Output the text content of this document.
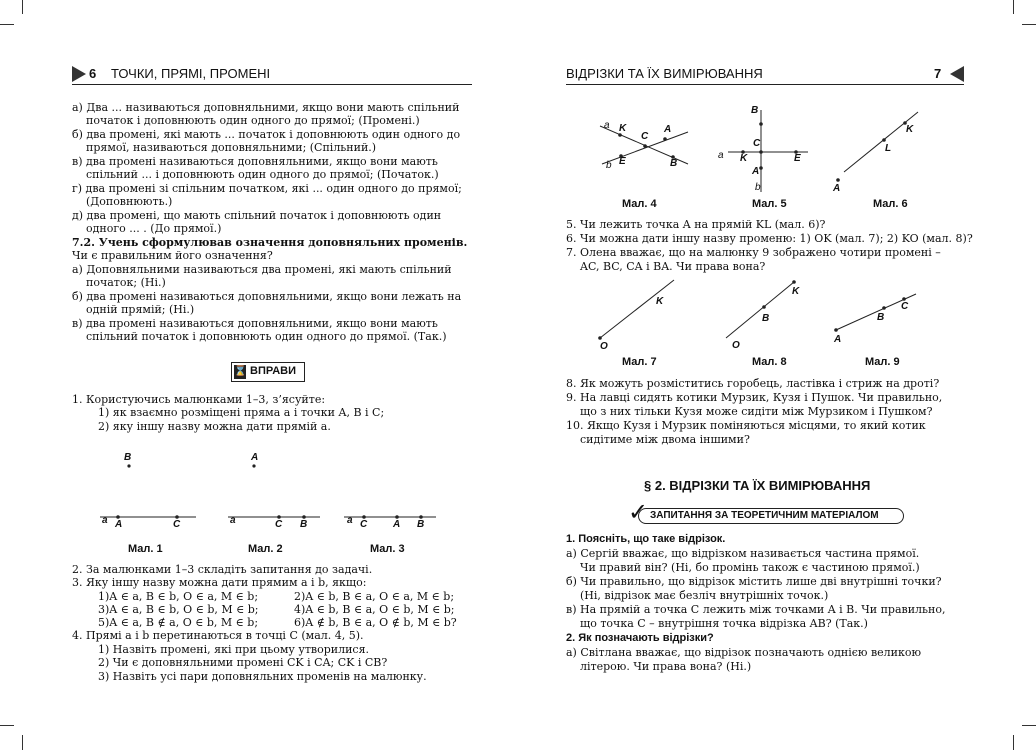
6 ТОЧКИ, ПРЯМІ, ПРОМЕНІ
а) Два ... називаються доповняльними, якщо вони мають спільний
початок і доповнюють один одного до прямої; (Промені.)
б) два промені, які мають ... початок і доповнюють один одного до
прямої, називаються доповняльними; (Спільний.)
в) два промені називаються доповняльними, якщо вони мають
спільний ... і доповнюють один одного до прямої; (Початок.)
г) два промені зі спільним початком, які ... один одного до прямої;
(Доповнюють.)
д) два промені, що мають спільний початок і доповнюють один
одного ... . (До прямої.)
7.2. Учень сформулював означення доповняльних променів.
Чи є правильним його означення?
а) Доповняльними називаються два промені, які мають спільний
початок; (Ні.)
б) два промені називаються доповняльними, якщо вони лежать на
одній прямій; (Ні.)
в) два промені називаються доповняльними, якщо вони мають
спільний початок і доповнюють один одного до прямої. (Так.)
⌛ ВПРАВИ
1. Користуючись малюнками 1–3, з’ясуйте:
1) як взаємно розміщені пряма a і точки A, B і C;
2) яку іншу назву можна дати прямій a.
B
a A	C
A
a	C B	a C	A B
Мал. 1	Мал. 2	Мал. 3
2. За малюнками 1–3 складіть запитання до задачі.
3. Яку іншу назву можна дати прямим a і b, якщо:
1)A ∈ a, B ∈ b, O ∈ a, M ∈ b;	2)A ∈ b, B ∈ a, O ∈ a, M ∈ b;
3)A ∈ a, B ∈ b, O ∈ b, M ∈ b;	4)A ∈ b, B ∈ a, O ∈ b, M ∈ b;
5)A ∈ a, B ∉ a, O ∈ b, M ∈ b;	6)A ∉ b, B ∈ a, O ∉ b, M ∈ b?
4. Прямі a і b перетинаються в точці C (мал. 4, 5).
1) Назвіть промені, які при цьому утворилися.
2) Чи є доповняльними промені CK і CA; CK і CB?
3) Назвіть усі пари доповняльних променів на малюнку.
ВІДРІЗКИ ТА ЇХ ВИМІРЮВАННЯ	7
a K
C
A
b E	B
B
C
a K	E
A
b
K
L
A
Мал. 4	Мал. 5	Мал. 6
5. Чи лежить точка A на прямій KL (мал. 6)?
6. Чи можна дати іншу назву променю: 1) OK (мал. 7); 2) KO (мал. 8)?
7. Олена вважає, що на малюнку 9 зображено чотири промені –
AC, BC, CA і BA. Чи права вона?
K
O
K
B
O
C
B
A
Мал. 7	Мал. 8	Мал. 9
8. Як можуть розміститись горобець, ластівка і стриж на дроті?
9. На лавці сидять котики Мурзик, Кузя і Пушок. Чи правильно,
що з них тільки Кузя може сидіти між Мурзиком і Пушком?
10. Якщо Кузя і Мурзик поміняються місцями, то який котик
сидітиме між двома іншими?
§ 2. ВІДРІЗКИ ТА ЇХ ВИМІРЮВАННЯ
✓ ЗАПИТАННЯ ЗА ТЕОРЕТИЧНИМ МАТЕРІАЛОМ
1. Поясніть, що таке відрізок.
а) Сергій вважає, що відрізком називається частина прямої.
Чи правий він? (Ні, бо промінь також є частиною прямої.)
б) Чи правильно, що відрізок містить лише дві внутрішні точки?
(Ні, відрізок має безліч внутрішніх точок.)
в) На прямій a точка C лежить між точками A і B. Чи правильно,
що точка C – внутрішня точка відрізка AB? (Так.)
2. Як позначають відрізки?
а) Світлана вважає, що відрізок позначають однією великою
літерою. Чи права вона? (Ні.)
